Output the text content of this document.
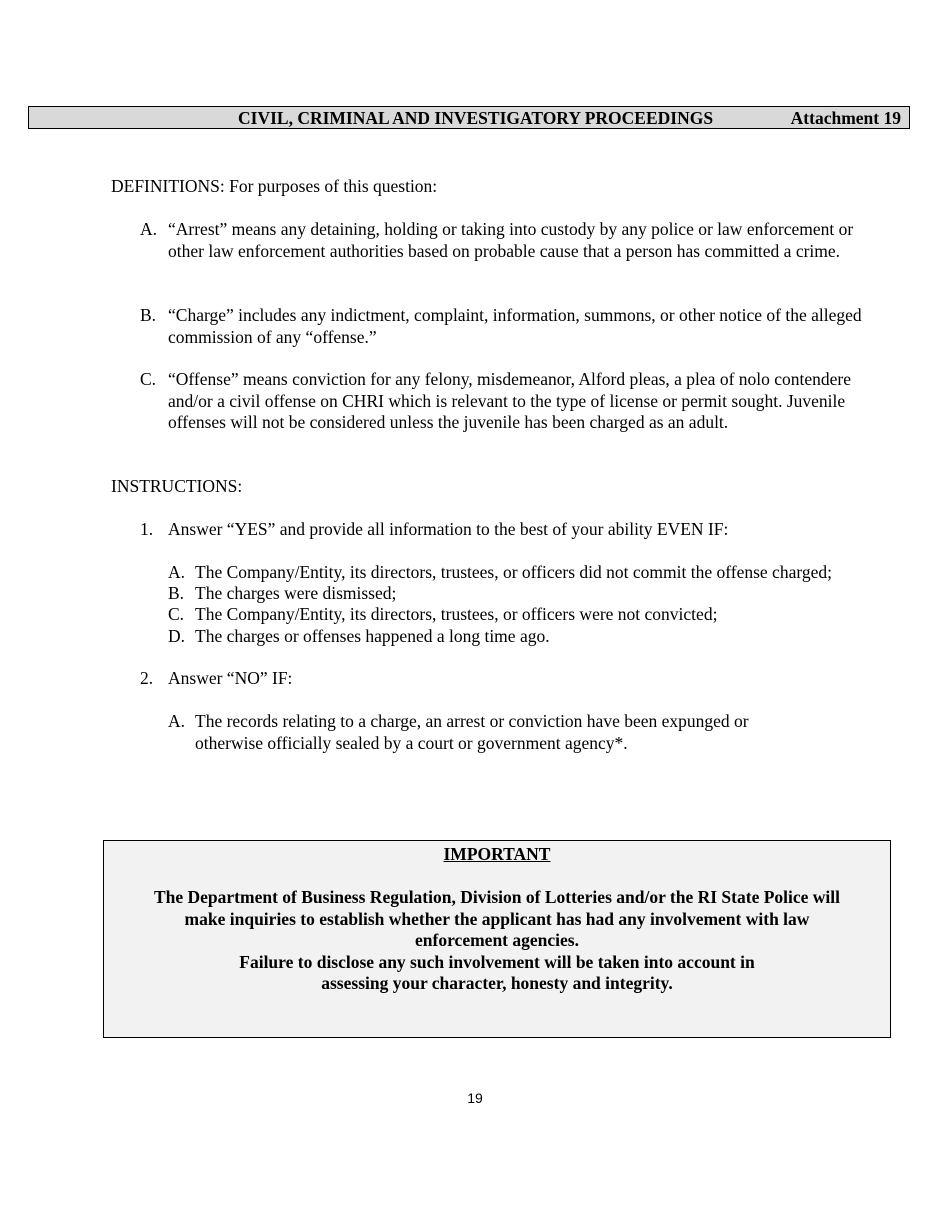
CIVIL, CRIMINAL AND INVESTIGATORY PROCEEDINGS	Attachment 19
DEFINITIONS: For purposes of this question:
A. “Arrest” means any detaining, holding or taking into custody by any police or law enforcement or other law enforcement authorities based on probable cause that a person has committed a crime.
B. “Charge” includes any indictment, complaint, information, summons, or other notice of the alleged commission of any “offense.”
C. “Offense” means conviction for any felony, misdemeanor, Alford pleas, a plea of nolo contendere and/or a civil offense on CHRI which is relevant to the type of license or permit sought. Juvenile offenses will not be considered unless the juvenile has been charged as an adult.
INSTRUCTIONS:
1. Answer “YES” and provide all information to the best of your ability EVEN IF:
A. The Company/Entity, its directors, trustees, or officers did not commit the offense charged;
B. The charges were dismissed;
C. The Company/Entity, its directors, trustees, or officers were not convicted;
D. The charges or offenses happened a long time ago.
2. Answer “NO” IF:
A. The records relating to a charge, an arrest or conviction have been expunged or otherwise officially sealed by a court or government agency*.
IMPORTANT
The Department of Business Regulation, Division of Lotteries and/or the RI State Police will
make inquiries to establish whether the applicant has had any involvement with law
enforcement agencies.
Failure to disclose any such involvement will be taken into account in
assessing your character, honesty and integrity.
19
